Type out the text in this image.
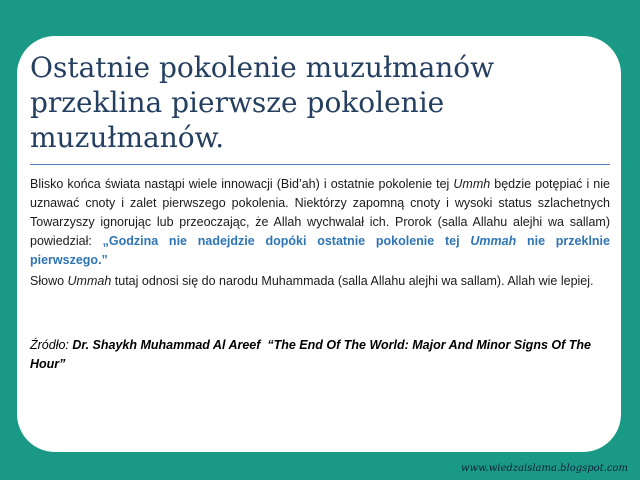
Ostatnie pokolenie muzułmanów przeklina pierwsze pokolenie muzułmanów.

Blisko końca świata nastąpi wiele innowacji (Bid’ah) i ostatnie pokolenie tej Ummh będzie potępiać i nie uznawać cnoty i zalet pierwszego pokolenia. Niektórzy zapomną cnoty i wysoki status szlachetnych Towarzyszy ignorując lub przeoczając, że Allah wychwalał ich. Prorok (salla Allahu alejhi wa sallam) powiedział: „Godzina nie nadejdzie dopóki ostatnie pokolenie tej Ummah nie przeklnie pierwszego.”

Słowo Ummah tutaj odnosi się do narodu Muhammada (salla Allahu alejhi wa sallam). Allah wie lepiej.

Źródło: Dr. Shaykh Muhammad Al Areef “The End Of The World: Major And Minor Signs Of The Hour”

www.wiedzaislama.blogspot.com
